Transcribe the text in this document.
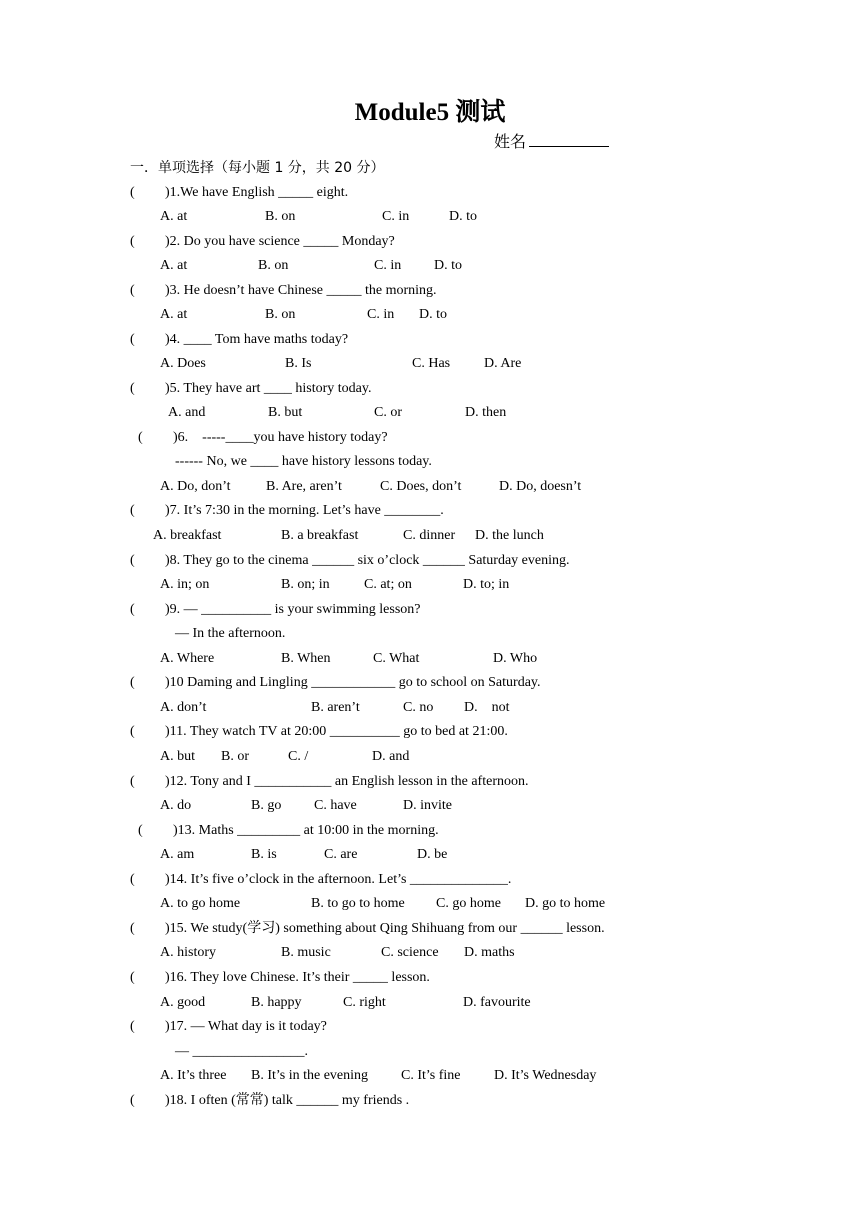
Module5 测试
姓名
一．单项选择（每小题 1 分，共 20 分）
( )1.We have English _____ eight.
A. at	B. on	C. in	D. to
( )2. Do you have science _____ Monday?
A. at	B. on	C. in D. to
( )3. He doesn’t have Chinese _____ the morning.
A. at	B. on	C. in D. to
( )4. ____ Tom have maths today?
A. Does	B. Is	C. Has D. Are
( )5. They have art ____ history today.
A. and	B. but	C. or	D. then
( )6.    -----____you have history today?
------ No, we ____ have history lessons today.
A. Do, don’t	B. Are, aren’t	C. Does, don’t	D. Do, doesn’t
( )7. It’s 7:30 in the morning. Let’s have ________.
A. breakfast	B. a breakfast	C. dinner D. the lunch
( )8. They go to the cinema ______ six o’clock ______ Saturday evening.
A. in; on	B. on; in C. at; on	D. to; in
( )9. — __________ is your swimming lesson?
— In the afternoon.
A. Where	B. When	C. What	D. Who
( )10 Daming and Lingling ____________ go to school on Saturday.
A. don’t	B. aren’t	C. no D.    not
( )11. They watch TV at 20:00 __________ go to bed at 21:00.
A. but B. or	C. /	D. and
( )12. Tony and I ___________ an English lesson in the afternoon.
A. do	B. go C. have	D. invite
( )13. Maths _________ at 10:00 in the morning.
A. am	B. is	C. are	D. be
( )14. It’s five o’clock in the afternoon. Let’s ______________.
A. to go home	B. to go to home C. go home D. go to home
( )15. We study(学习) something about Qing Shihuang from our ______ lesson.
A. history	B. music	C. science D. maths
( )16. They love Chinese. It’s their _____ lesson.
A. good	B. happy	C. right	D. favourite
( )17. — What day is it today?
— ________________.
A. It’s three B. It’s in the evening C. It’s fine D. It’s Wednesday
( )18. I often (常常) talk ______ my friends .
